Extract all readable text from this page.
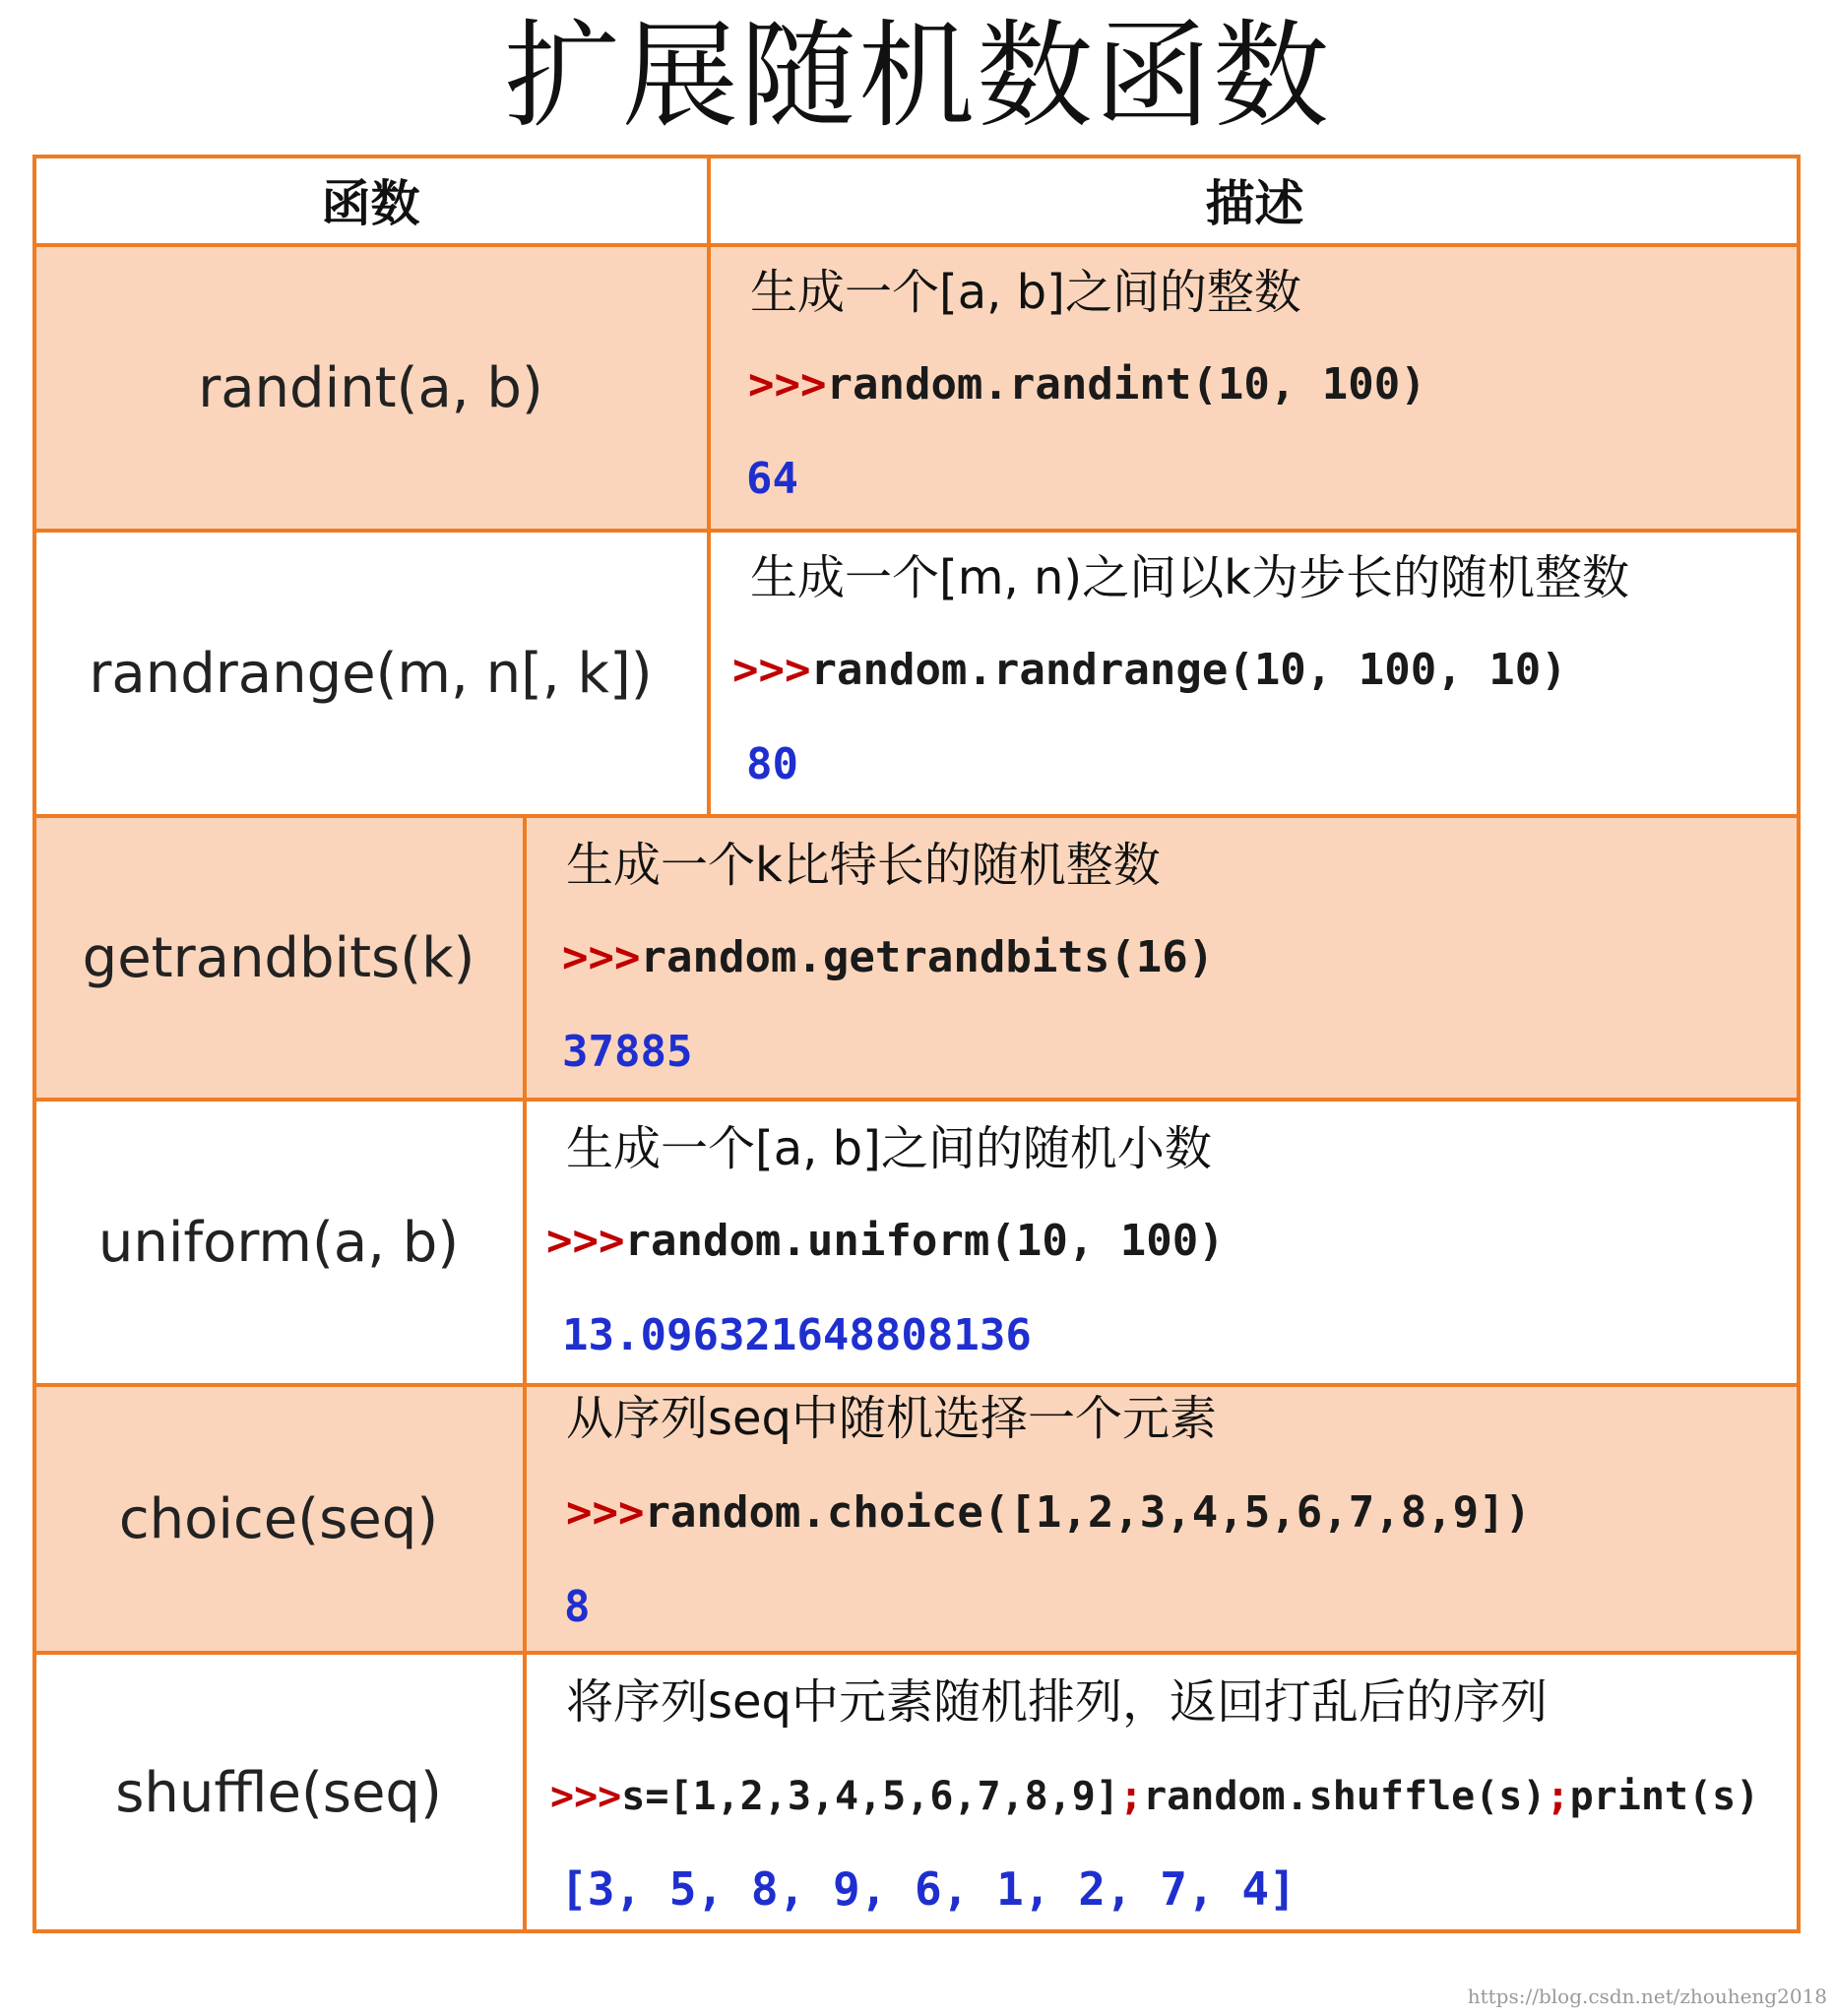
扩展随机数函数
函数	描述
randint(a, b)
生成一个[a, b]之间的整数
>>>random.randint(10, 100)
64
randrange(m, n[, k])
生成一个[m, n)之间以k为步长的随机整数
>>>random.randrange(10, 100, 10)
80
getrandbits(k)
生成一个k比特长的随机整数
>>>random.getrandbits(16)
37885
uniform(a, b)
生成一个[a, b]之间的随机小数
>>>random.uniform(10, 100)
13.096321648808136
choice(seq)
从序列seq中随机选择一个元素
>>>random.choice([1,2,3,4,5,6,7,8,9])
8
shuffle(seq)
将序列seq中元素随机排列，返回打乱后的序列
>>>s=[1,2,3,4,5,6,7,8,9];random.shuffle(s);print(s)
[3, 5, 8, 9, 6, 1, 2, 7, 4]
https://blog.csdn.net/zhouheng2018
